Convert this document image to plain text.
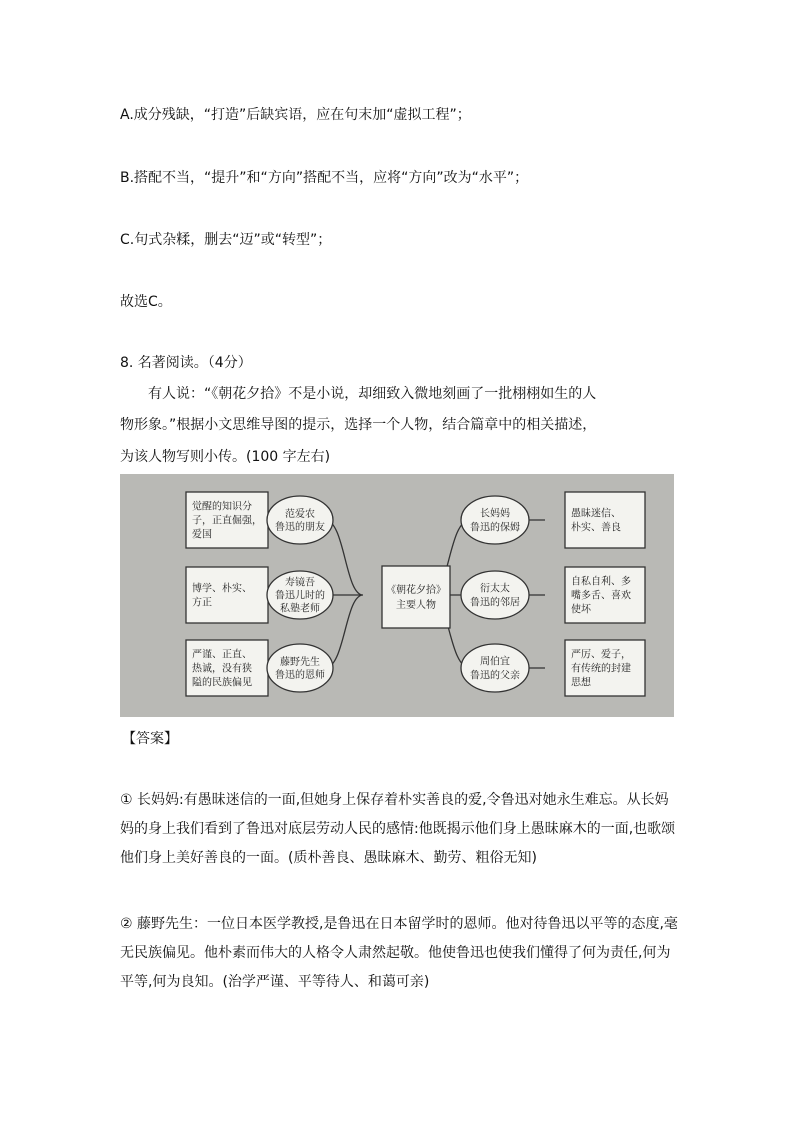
A.成分残缺，“打造”后缺宾语，应在句末加“虚拟工程”；
B.搭配不当，“提升”和“方向”搭配不当，应将“方向”改为“水平”；
C.句式杂糅，删去“迈”或“转型”；
故选C。
8. 名著阅读。（4分）
有人说：“《朝花夕拾》不是小说，却细致入微地刻画了一批栩栩如生的人
物形象。”根据小文思维导图的提示，选择一个人物，结合篇章中的相关描述，
为该人物写则小传。(100 字左右)
《朝花夕拾》
主要人物
觉醒的知识分
子，正直倔强，
爱国
范爱农
鲁迅的朋友
博学、朴实、
方正
寿镜吾
鲁迅儿时的
私塾老师
严谨、正直、
热诚，没有狭
隘的民族偏见
藤野先生
鲁迅的恩师
长妈妈
鲁迅的保姆
愚昧迷信、
朴实、善良
衍太太
鲁迅的邻居
自私自利、多
嘴多舌、喜欢
使坏
周伯宜
鲁迅的父亲
严厉、爱子，
有传统的封建
思想
【答案】
① 长妈妈:有愚昧迷信的一面,但她身上保存着朴实善良的爱,令鲁迅对她永生难忘。从长妈妈的身上我们看到了鲁迅对底层劳动人民的感情:他既揭示他们身上愚昧麻木的一面,也歌颂他们身上美好善良的一面。(质朴善良、愚昧麻木、勤劳、粗俗无知)
② 藤野先生：一位日本医学教授,是鲁迅在日本留学时的恩师。他对待鲁迅以平等的态度,毫无民族偏见。他朴素而伟大的人格令人肃然起敬。他使鲁迅也使我们懂得了何为责任,何为平等,何为良知。(治学严谨、平等待人、和蔼可亲)
